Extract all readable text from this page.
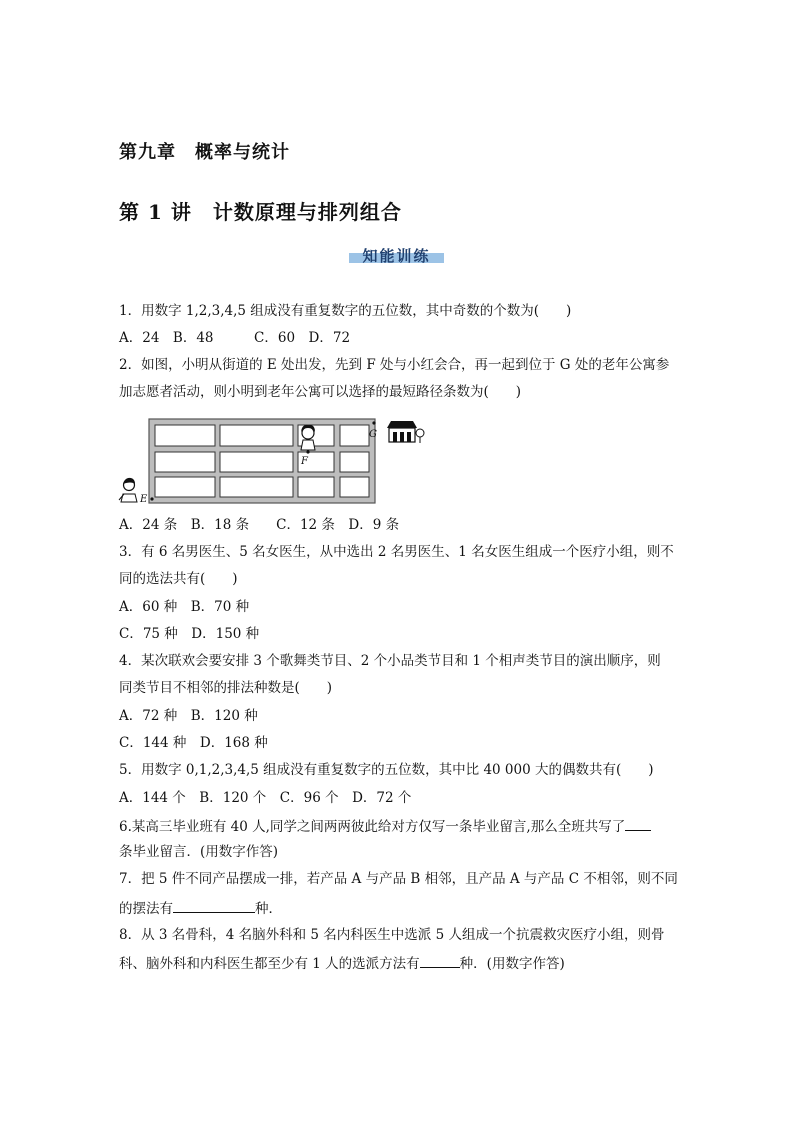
第九章　概率与统计
第 1 讲　计数原理与排列组合
知能训练
1．用数字 1,2,3,4,5 组成没有重复数字的五位数，其中奇数的个数为(　　)
A．24　B．48　　　C．60　D．72
2．如图，小明从街道的 E 处出发，先到 F 处与小红会合，再一起到位于 G 处的老年公寓参
加志愿者活动，则小明到老年公寓可以选择的最短路径条数为(　　)
F
G
E
A．24 条　B．18 条　　C．12 条　D．9 条
3．有 6 名男医生、5 名女医生，从中选出 2 名男医生、1 名女医生组成一个医疗小组，则不
同的选法共有(　　)
A．60 种　B．70 种
C．75 种　D．150 种
4．某次联欢会要安排 3 个歌舞类节目、2 个小品类节目和 1 个相声类节目的演出顺序，则
同类节目不相邻的排法种数是(　　)
A．72 种　B．120 种
C．144 种　D．168 种
5．用数字 0,1,2,3,4,5 组成没有重复数字的五位数，其中比 40 000 大的偶数共有(　　)
A．144 个　B．120 个　C．96 个　D．72 个
6.某高三毕业班有 40 人,同学之间两两彼此给对方仅写一条毕业留言,那么全班共写了
条毕业留言．(用数字作答)
7．把 5 件不同产品摆成一排，若产品 A 与产品 B 相邻，且产品 A 与产品 C 不相邻，则不同
的摆法有	种．
8．从 3 名骨科，4 名脑外科和 5 名内科医生中选派 5 人组成一个抗震救灾医疗小组，则骨
科、脑外科和内科医生都至少有 1 人的选派方法有	种．(用数字作答)
